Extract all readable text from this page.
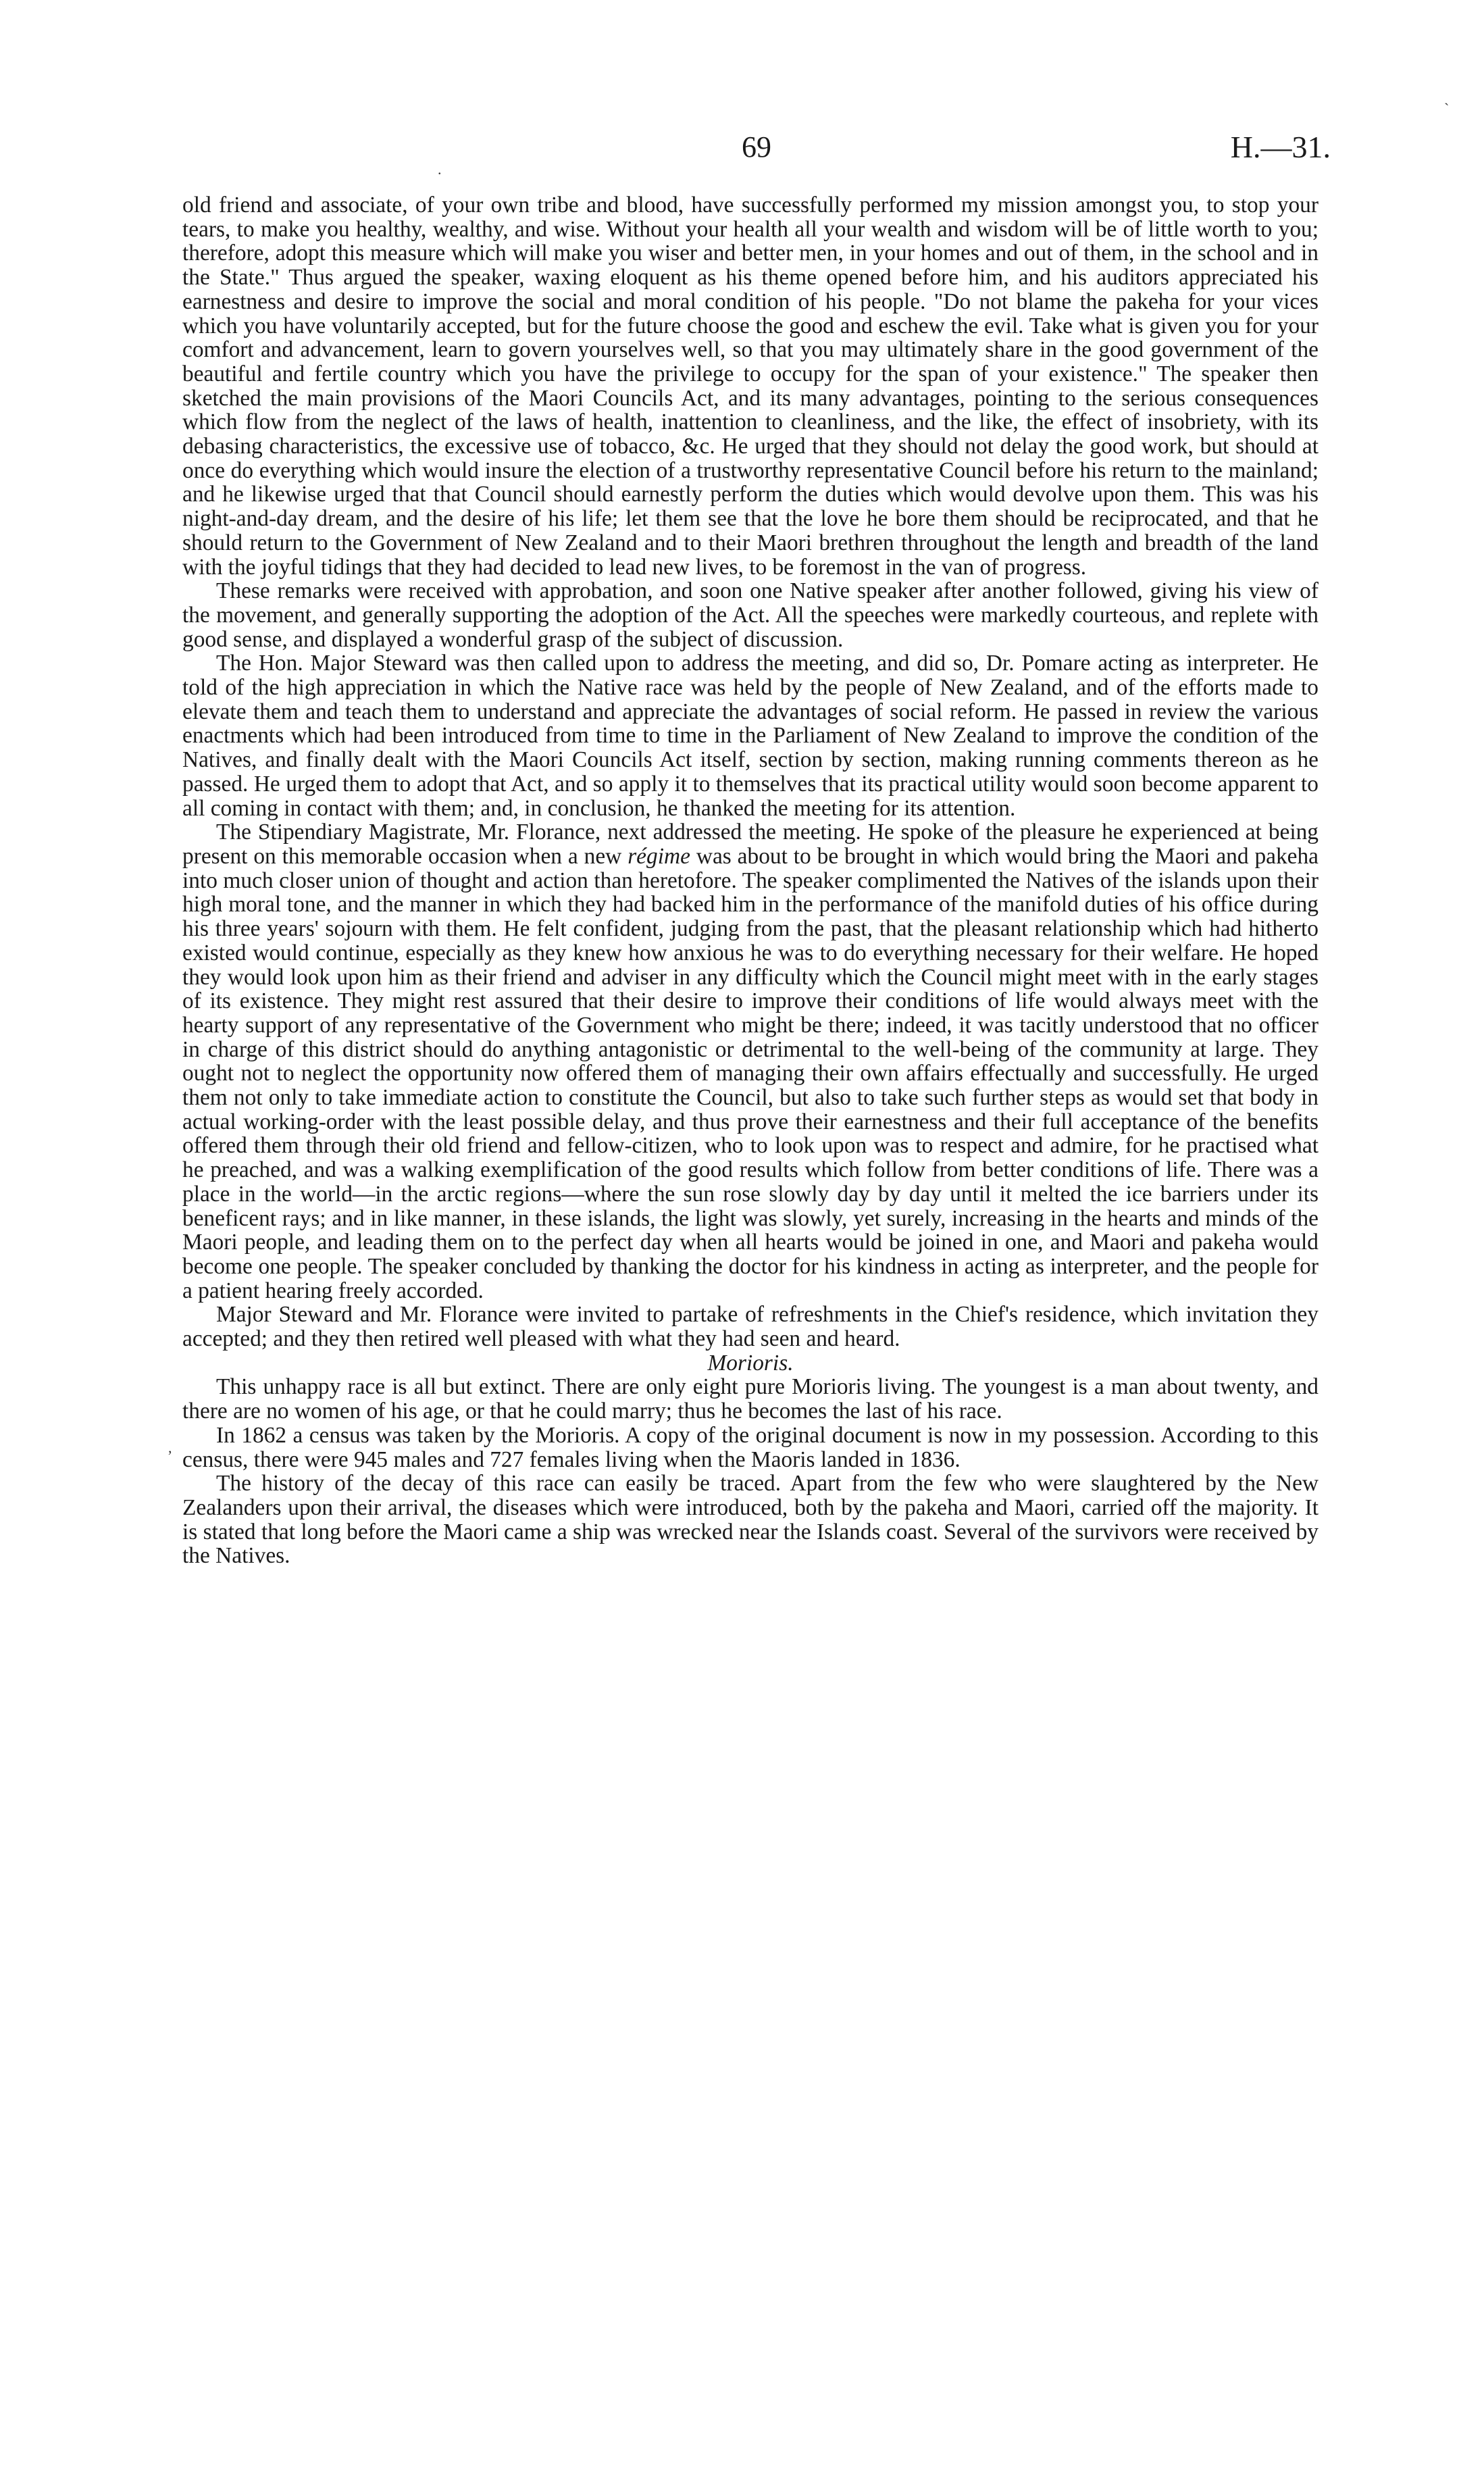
69	H.—31.
.
`
,

old friend and associate, of your own tribe and blood, have successfully performed my mission amongst you, to stop your tears, to make you healthy, wealthy, and wise. Without your health all your wealth and wisdom will be of little worth to you; therefore, adopt this measure which will make you wiser and better men, in your homes and out of them, in the school and in the State." Thus argued the speaker, waxing eloquent as his theme opened before him, and his auditors appreciated his earnestness and desire to improve the social and moral condition of his people. "Do not blame the pakeha for your vices which you have voluntarily accepted, but for the future choose the good and eschew the evil. Take what is given you for your comfort and advancement, learn to govern yourselves well, so that you may ultimately share in the good government of the beautiful and fertile country which you have the privilege to occupy for the span of your existence." The speaker then sketched the main provisions of the Maori Councils Act, and its many advantages, pointing to the serious consequences which flow from the neglect of the laws of health, inattention to cleanliness, and the like, the effect of insobriety, with its debasing characteristics, the excessive use of tobacco, &c. He urged that they should not delay the good work, but should at once do everything which would insure the election of a trustworthy representative Council before his return to the mainland; and he likewise urged that that Council should earnestly perform the duties which would devolve upon them. This was his night-and-day dream, and the desire of his life; let them see that the love he bore them should be reciprocated, and that he should return to the Government of New Zealand and to their Maori brethren throughout the length and breadth of the land with the joyful tidings that they had decided to lead new lives, to be foremost in the van of progress.

These remarks were received with approbation, and soon one Native speaker after another followed, giving his view of the movement, and generally supporting the adoption of the Act. All the speeches were markedly courteous, and replete with good sense, and displayed a wonderful grasp of the subject of discussion.

The Hon. Major Steward was then called upon to address the meeting, and did so, Dr. Pomare acting as interpreter. He told of the high appreciation in which the Native race was held by the people of New Zealand, and of the efforts made to elevate them and teach them to understand and appreciate the advantages of social reform. He passed in review the various enactments which had been introduced from time to time in the Parliament of New Zealand to improve the condition of the Natives, and finally dealt with the Maori Councils Act itself, section by section, making running comments thereon as he passed. He urged them to adopt that Act, and so apply it to themselves that its practical utility would soon become apparent to all coming in contact with them; and, in conclusion, he thanked the meeting for its attention.

The Stipendiary Magistrate, Mr. Florance, next addressed the meeting. He spoke of the pleasure he experienced at being present on this memorable occasion when a new régime was about to be brought in which would bring the Maori and pakeha into much closer union of thought and action than heretofore. The speaker complimented the Natives of the islands upon their high moral tone, and the manner in which they had backed him in the performance of the manifold duties of his office during his three years' sojourn with them. He felt confident, judging from the past, that the pleasant relationship which had hitherto existed would continue, especially as they knew how anxious he was to do everything necessary for their welfare. He hoped they would look upon him as their friend and adviser in any difficulty which the Council might meet with in the early stages of its existence. They might rest assured that their desire to improve their conditions of life would always meet with the hearty support of any representative of the Government who might be there; indeed, it was tacitly understood that no officer in charge of this district should do anything antagonistic or detrimental to the well-being of the community at large. They ought not to neglect the opportunity now offered them of managing their own affairs effectually and successfully. He urged them not only to take immediate action to constitute the Council, but also to take such further steps as would set that body in actual working-order with the least possible delay, and thus prove their earnestness and their full acceptance of the benefits offered them through their old friend and fellow-citizen, who to look upon was to respect and admire, for he practised what he preached, and was a walking exemplification of the good results which follow from better conditions of life. There was a place in the world—in the arctic regions—where the sun rose slowly day by day until it melted the ice barriers under its beneficent rays; and in like manner, in these islands, the light was slowly, yet surely, increasing in the hearts and minds of the Maori people, and leading them on to the perfect day when all hearts would be joined in one, and Maori and pakeha would become one people. The speaker concluded by thanking the doctor for his kindness in acting as interpreter, and the people for a patient hearing freely accorded.

Major Steward and Mr. Florance were invited to partake of refreshments in the Chief's residence, which invitation they accepted; and they then retired well pleased with what they had seen and heard.

Morioris.

This unhappy race is all but extinct. There are only eight pure Morioris living. The youngest is a man about twenty, and there are no women of his age, or that he could marry; thus he becomes the last of his race.

In 1862 a census was taken by the Morioris. A copy of the original document is now in my possession. According to this census, there were 945 males and 727 females living when the Maoris landed in 1836.

The history of the decay of this race can easily be traced. Apart from the few who were slaughtered by the New Zealanders upon their arrival, the diseases which were introduced, both by the pakeha and Maori, carried off the majority. It is stated that long before the Maori came a ship was wrecked near the Islands coast. Several of the survivors were received by the Natives.
